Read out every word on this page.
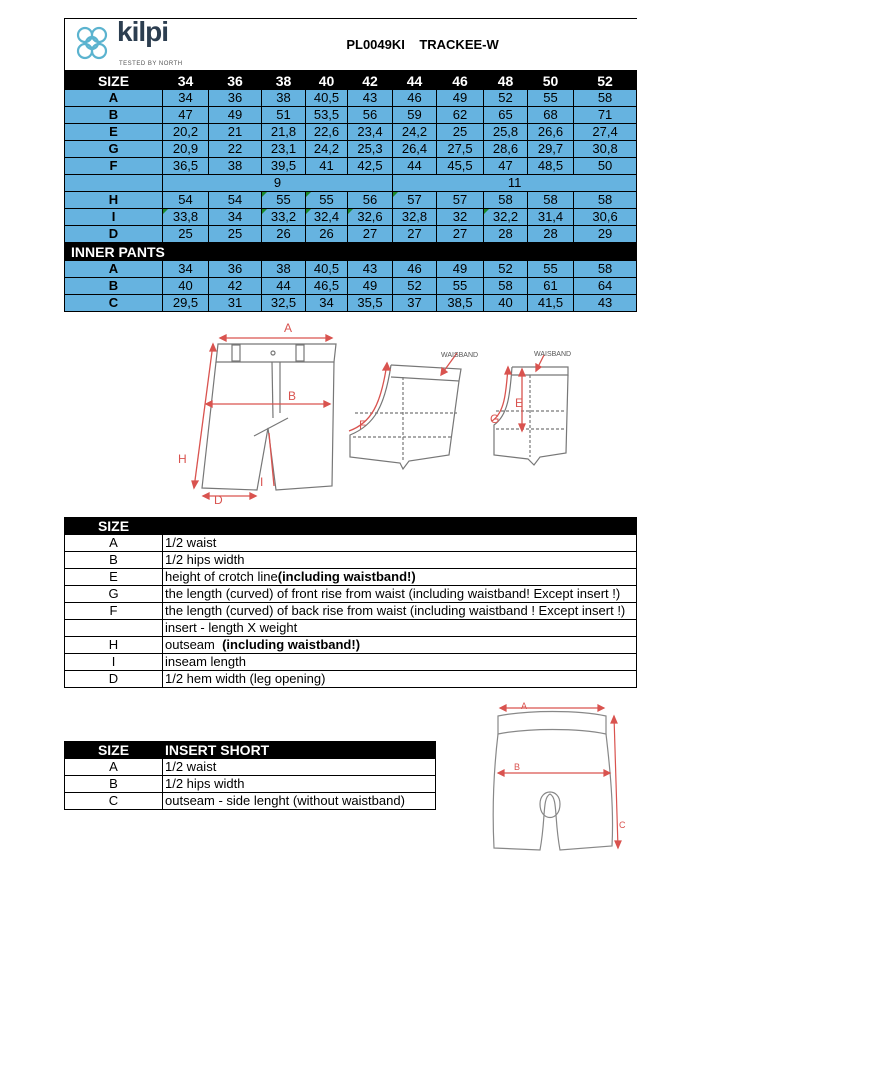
kilpi
TESTED BY NORTH		PL0049KI    TRACKEE-W								
SIZE	34	36	38	40	42	44	46	48	50	52
A	34	36	38	40,5	43	46	49	52	55	58
B	47	49	51	53,5	56	59	62	65	68	71
E	20,2	21	21,8	22,6	23,4	24,2	25	25,8	26,6	27,4
G	20,9	22	23,1	24,2	25,3	26,4	27,5	28,6	29,7	30,8
F	36,5	38	39,5	41	42,5	44	45,5	47	48,5	50
	9					11				
H	54	54	55	55	56	57	57	58	58	58
I	33,8	34	33,2	32,4	32,6	32,8	32	32,2	31,4	30,6
D	25	25	26	26	27	27	27	28	28	29
INNER PANTS										
A	34	36	38	40,5	43	46	49	52	55	58
B	40	42	44	46,5	49	52	55	58	61	64
C	29,5	31	32,5	34	35,5	37	38,5	40	41,5	43
A
B
H
D
I
F
WAISBAND
E
G
WAISBAND
SIZE	
A	1/2 waist
B	1/2 hips width
E	height of crotch line(including waistband!)
G	the length (curved) of front rise from waist (including waistband! Except insert !)
F	the length (curved) of back rise from waist (including waistband ! Except insert !)
	insert - length X weight
H	outseam  (including waistband!)
I	inseam length
D	1/2 hem width (leg opening)
A
B
C
SIZE	INSERT SHORT
A	1/2 waist
B	1/2 hips width
C	outseam - side lenght (without waistband)
